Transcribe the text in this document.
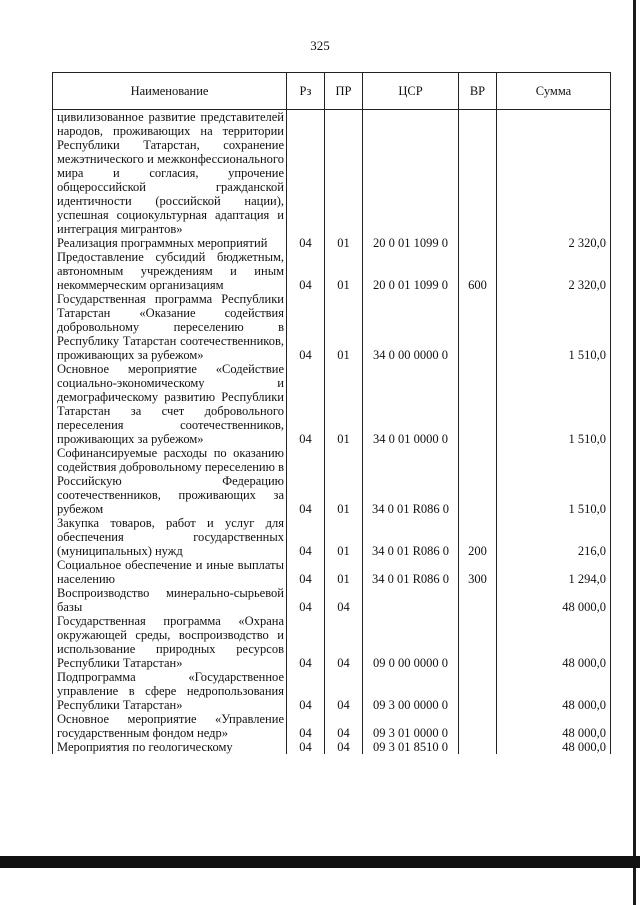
325
Наименование	Рз	ПР	ЦСР	ВР	Сумма
цивилизованное развитие представителей народов, проживающих на территории Республики Татарстан, сохранение межэтнического и межконфессионального мира и согласия, упрочение общероссийской гражданской идентичности (российской нации), успешная социокультурная адаптация и интеграция мигрантов»					
Реализация программных мероприятий	04	01	20 0 01 1099 0		2 320,0
Предоставление субсидий бюджетным, автономным учреждениям и иным некоммерческим организациям	04	01	20 0 01 1099 0	600	2 320,0
Государственная программа Республики Татарстан «Оказание содействия добровольному переселению в Республику Татарстан соотечественников, проживающих за рубежом»	04	01	34 0 00 0000 0		1 510,0
Основное мероприятие «Содействие социально-экономическому и демографическому развитию Республики Татарстан за счет добровольного переселения соотечественников, проживающих за рубежом»	04	01	34 0 01 0000 0		1 510,0
Софинансируемые расходы по оказанию содействия добровольному переселению в Российскую Федерацию соотечественников, проживающих за рубежом	04	01	34 0 01 R086 0		1 510,0
Закупка товаров, работ и услуг для обеспечения государственных (муниципальных) нужд	04	01	34 0 01 R086 0	200	216,0
Социальное обеспечение и иные выплаты населению	04	01	34 0 01 R086 0	300	1 294,0
Воспроизводство минерально-сырьевой базы	04	04			48 000,0
Государственная программа «Охрана окружающей среды, воспроизводство и использование природных ресурсов Республики Татарстан»	04	04	09 0 00 0000 0		48 000,0
Подпрограмма «Государственное управление в сфере недропользования Республики Татарстан»	04	04	09 3 00 0000 0		48 000,0
Основное мероприятие «Управление государственным фондом недр»	04	04	09 3 01 0000 0		48 000,0
Мероприятия по геологическому	04	04	09 3 01 8510 0		48 000,0
